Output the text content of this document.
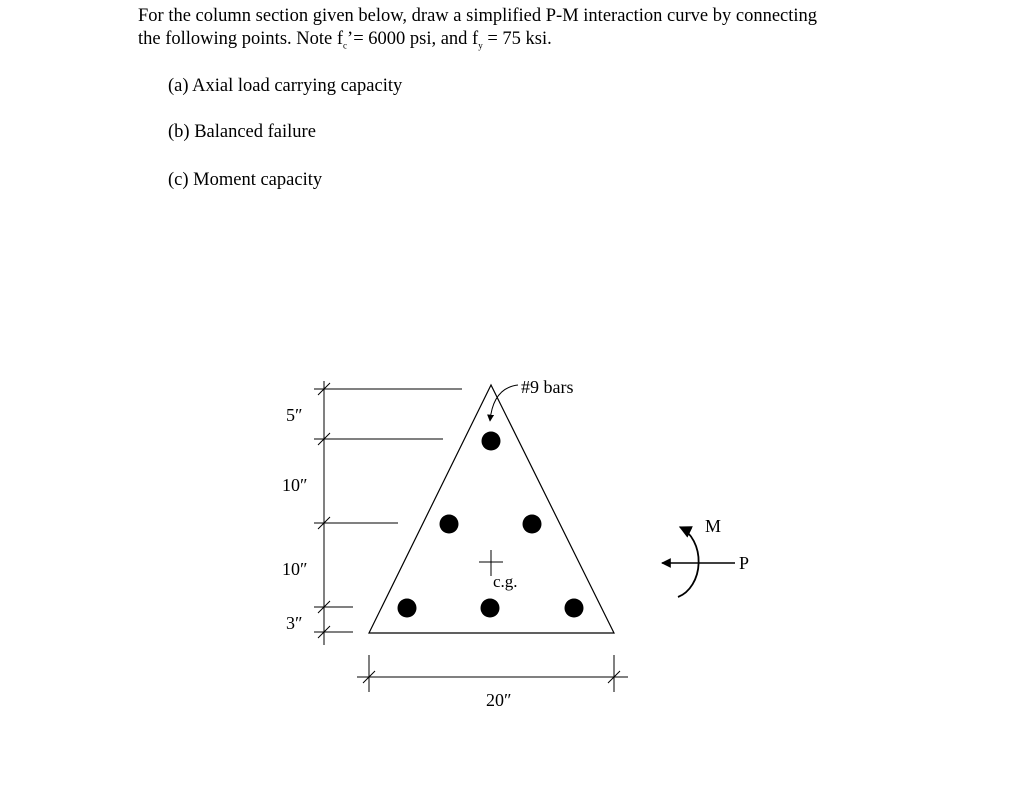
For the column section given below, draw a simplified P-M interaction curve by connecting
the following points. Note $f_c’= 6000$ psi, and $f_y = 75$ ksi.
(a) Axial load carrying capacity
(b) Balanced failure
(c) Moment capacity
c.g.
#9 bars
5″
10″
10″
3″
20″
M
P
